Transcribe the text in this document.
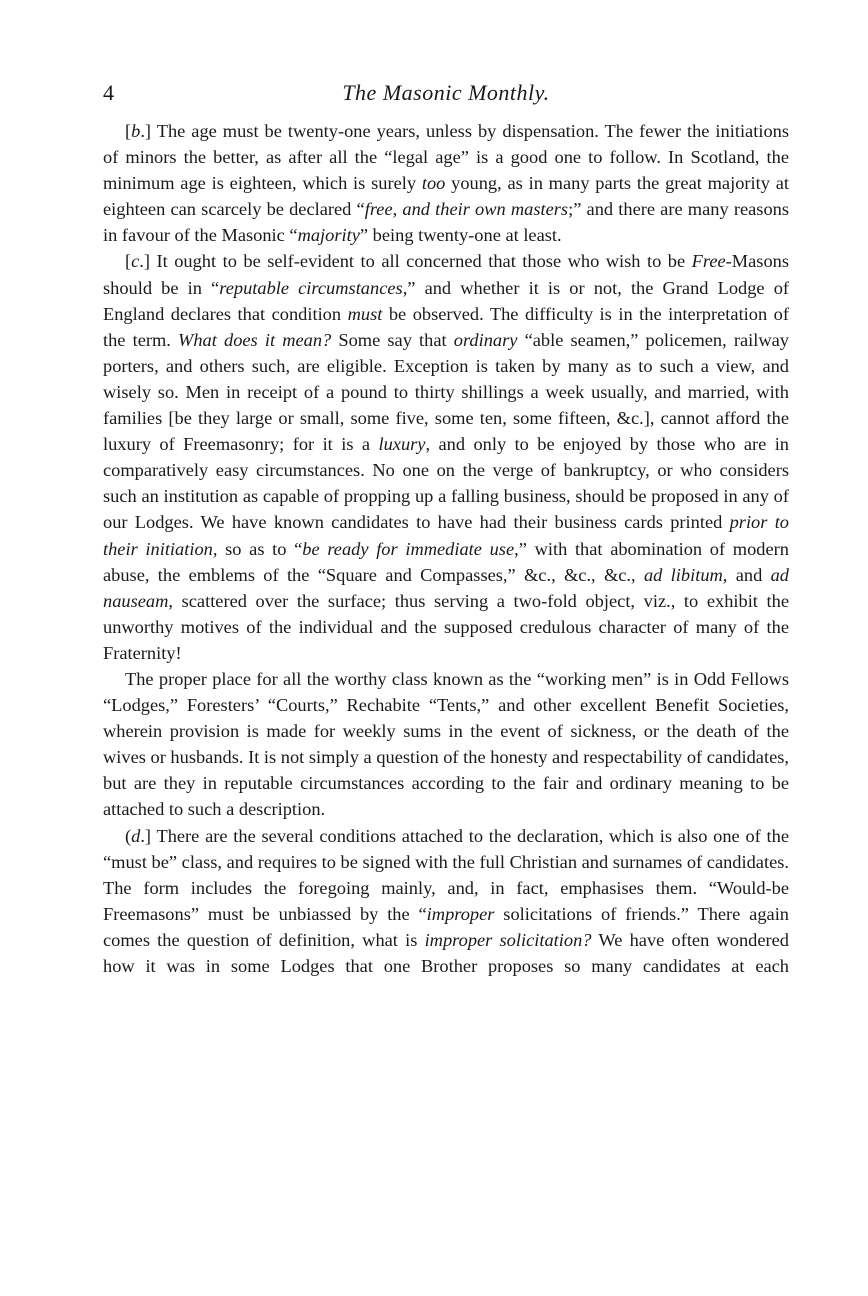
4	The Masonic Monthly.

[b.] The age must be twenty-one years, unless by dispensation. The fewer the initiations of minors the better, as after all the “legal age” is a good one to follow. In Scotland, the minimum age is eighteen, which is surely too young, as in many parts the great majority at eighteen can scarcely be declared “free, and their own masters;” and there are many reasons in favour of the Masonic “majority” being twenty-one at least.

[c.] It ought to be self-evident to all concerned that those who wish to be Free-Masons should be in “reputable circumstances,” and whether it is or not, the Grand Lodge of England declares that condition must be observed. The difficulty is in the interpretation of the term. What does it mean? Some say that ordinary “able seamen,” policemen, railway porters, and others such, are eligible. Exception is taken by many as to such a view, and wisely so. Men in receipt of a pound to thirty shillings a week usually, and married, with families [be they large or small, some five, some ten, some fifteen, &c.], cannot afford the luxury of Freemasonry; for it is a luxury, and only to be enjoyed by those who are in comparatively easy circumstances. No one on the verge of bankruptcy, or who considers such an institution as capable of propping up a falling business, should be proposed in any of our Lodges. We have known candidates to have had their business cards printed prior to their initiation, so as to “be ready for immediate use,” with that abomination of modern abuse, the emblems of the “Square and Compasses,” &c., &c., &c., ad libitum, and ad nauseam, scattered over the surface; thus serving a two-fold object, viz., to exhibit the unworthy motives of the individual and the supposed credulous character of many of the Fraternity!

The proper place for all the worthy class known as the “working men” is in Odd Fellows “Lodges,” Foresters’ “Courts,” Rechabite “Tents,” and other excellent Benefit Societies, wherein provision is made for weekly sums in the event of sickness, or the death of the wives or husbands. It is not simply a question of the honesty and respectability of candidates, but are they in reputable circumstances according to the fair and ordinary meaning to be attached to such a description.

(d.] There are the several conditions attached to the declaration, which is also one of the “must be” class, and requires to be signed with the full Christian and surnames of candidates. The form includes the foregoing mainly, and, in fact, emphasises them. “Would-be Freemasons” must be unbiassed by the “improper solicitations of friends.” There again comes the question of definition, what is improper solicitation? We have often wondered how it was in some Lodges that one Brother proposes so many candidates at each
